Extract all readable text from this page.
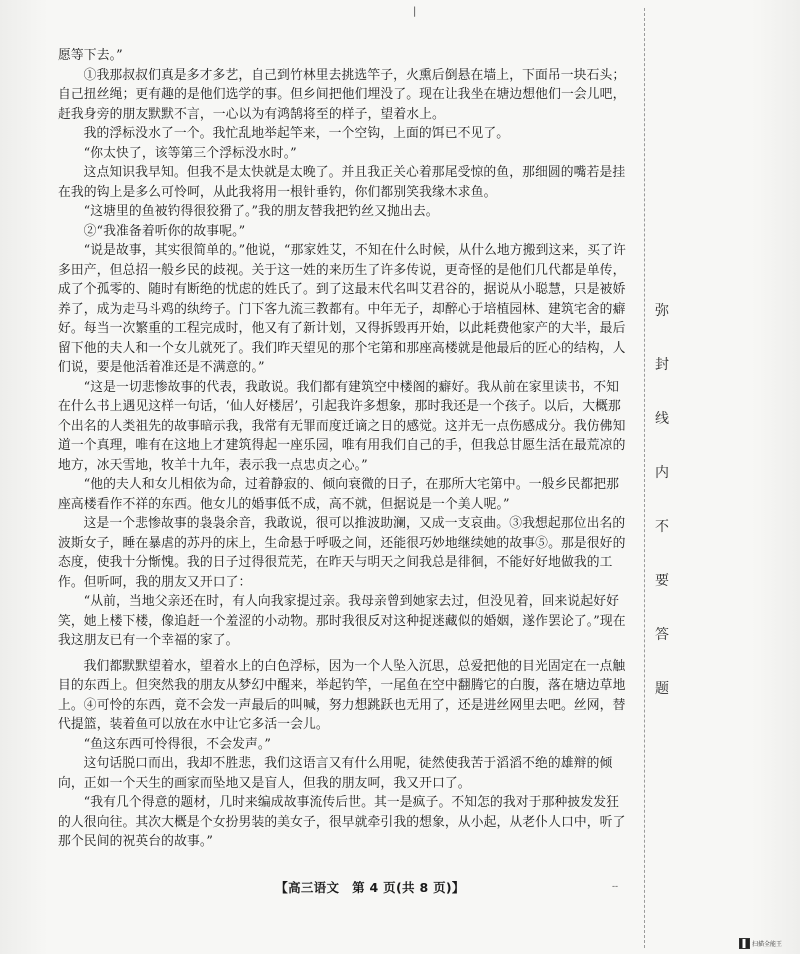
|

愿等下去。”

①我那叔叔们真是多才多艺，自己到竹林里去挑选竿子，火熏后倒悬在墙上，下面吊一块石头；自己扭丝绳；更有趣的是他们选学的事。但乡间把他们埋没了。现在让我坐在塘边想他们一会儿吧，赶我身旁的朋友默默不言，一心以为有鸿鹄将至的样子，望着水上。

我的浮标没水了一个。我忙乱地举起竿来，一个空钩，上面的饵已不见了。

“你太快了，该等第三个浮标没水时。”

这点知识我早知。但我不是太快就是太晚了。并且我正关心着那尾受惊的鱼，那细圆的嘴若是挂在我的钩上是多么可怜呵，从此我将用一根针垂钓，你们都别笑我缘木求鱼。

“这塘里的鱼被钓得很狡猾了。”我的朋友替我把钓丝又抛出去。

②“我准备着听你的故事呢。”

“说是故事，其实很简单的。”他说，“那家姓艾，不知在什么时候，从什么地方搬到这来，买了许多田产，但总招一般乡民的歧视。关于这一姓的来历生了许多传说，更奇怪的是他们几代都是单传，成了个孤零的、随时有断绝的忧虑的姓氏了。到了这最末代名叫艾君谷的，据说从小聪慧，只是被娇养了，成为走马斗鸡的纨绔子。门下客九流三教都有。中年无子，却醉心于培植园林、建筑宅舍的癖好。每当一次繁重的工程完成时，他又有了新计划，又得拆毁再开始，以此耗费他家产的大半，最后留下他的夫人和一个女儿就死了。我们昨天望见的那个宅第和那座高楼就是他最后的匠心的结构，人们说，要是他活着准还是不满意的。”

“这是一切悲惨故事的代表，我敢说。我们都有建筑空中楼阁的癖好。我从前在家里读书，不知在什么书上遇见这样一句话，‘仙人好楼居’，引起我许多想象，那时我还是一个孩子。以后，大概那个出名的人类祖先的故事暗示我，我常有无罪而度迁谪之日的感觉。这并无一点伤感成分。我仿佛知道一个真理，唯有在这地上才建筑得起一座乐园，唯有用我们自己的手，但我总甘愿生活在最荒凉的地方，冰天雪地，牧羊十九年，表示我一点忠贞之心。”

“他的夫人和女儿相依为命，过着静寂的、倾向衰微的日子，在那所大宅第中。一般乡民都把那座高楼看作不祥的东西。他女儿的婚事低不成，高不就，但据说是一个美人呢。”

这是一个悲惨故事的袅袅余音，我敢说，很可以推波助澜，又成一支哀曲。③我想起那位出名的波斯女子，睡在暴虐的苏丹的床上，生命悬于呼吸之间，还能很巧妙地继续她的故事⑤。那是很好的态度，使我十分惭愧。我的日子过得很荒芜，在昨天与明天之间我总是徘徊，不能好好地做我的工作。但听呵，我的朋友又开口了：

“从前，当地父亲还在时，有人向我家提过亲。我母亲曾到她家去过，但没见着，回来说起好好笑，她上楼下楼，像追赶一个羞涩的小动物。那时我很反对这种捉迷藏似的婚姻，遂作罢论了。”现在我这朋友已有一个幸福的家了。

我们都默默望着水，望着水上的白色浮标，因为一个人坠入沉思，总爱把他的目光固定在一点触目的东西上。但突然我的朋友从梦幻中醒来，举起钓竿，一尾鱼在空中翻腾它的白腹，落在塘边草地上。④可怜的东西，竟不会发一声最后的叫喊，努力想跳跃也无用了，还是进丝网里去吧。丝网，替代提篮，装着鱼可以放在水中让它多活一会儿。

“鱼这东西可怜得很，不会发声。”

这句话脱口而出，我却不胜悲，我们这语言又有什么用呢，徒然使我苦于滔滔不绝的雄辩的倾向，正如一个天生的画家而坠地又是盲人，但我的朋友呵，我又开口了。

“我有几个得意的题材，几时来编成故事流传后世。其一是疯子。不知怎的我对于那种披发发狂的人很向往。其次大概是个女扮男装的美女子，很早就牵引我的想象，从小起，从老仆人口中，听了那个民间的祝英台的故事。”

弥
封
线
内
不
要
答
题
【高三语文　第 4 页(共 8 页)】	--
扫描全能王
